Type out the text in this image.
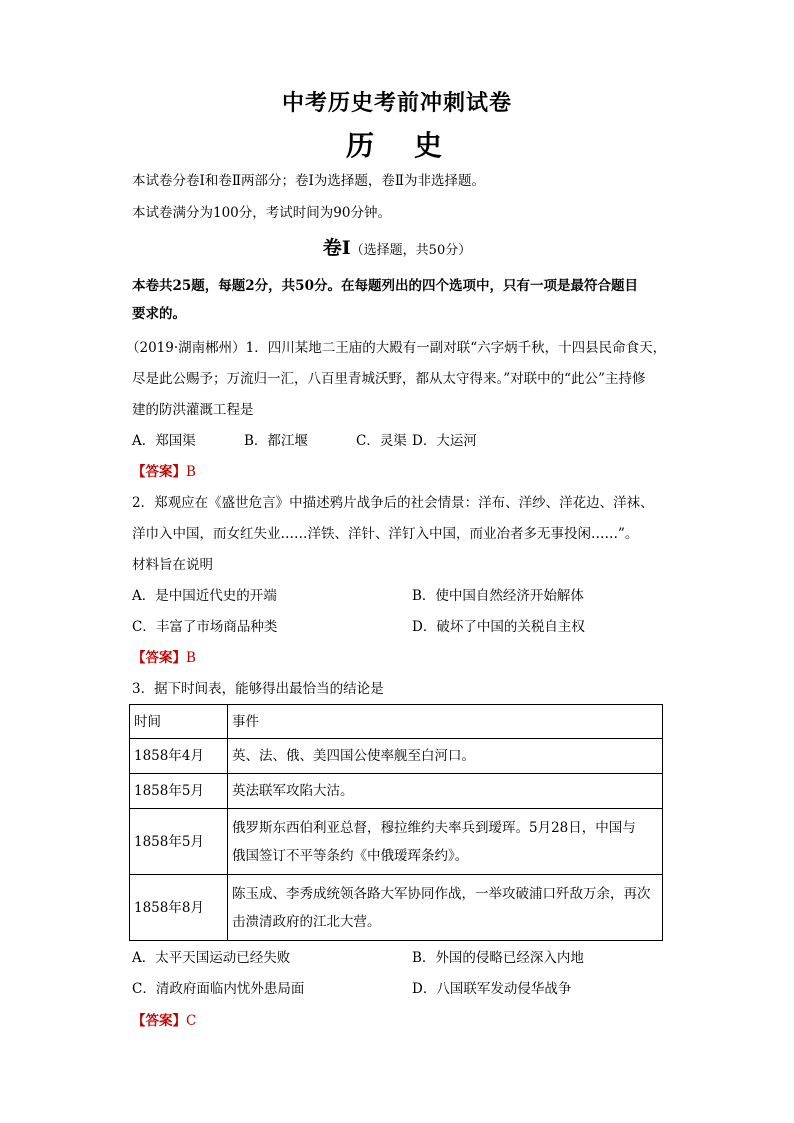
中考历史考前冲刺试卷
历　史
本试卷分卷Ⅰ和卷Ⅱ两部分；卷Ⅰ为选择题，卷Ⅱ为非选择题。
本试卷满分为100分，考试时间为90分钟。
卷Ⅰ（选择题，共50分）
本卷共25题，每题2分，共50分。在每题列出的四个选项中，只有一项是最符合题目
要求的。
（2019·湖南郴州）1．四川某地二王庙的大殿有一副对联“六字炳千秋，十四县民命食天，
尽是此公赐予；万流归一汇，八百里青城沃野，都从太守得来。”对联中的“此公”主持修
建的防洪灌溉工程是
A．郑国渠	B．都江堰	C．灵渠 D．大运河
【答案】B
2．郑观应在《盛世危言》中描述鸦片战争后的社会情景：洋布、洋纱、洋花边、洋袜、
洋巾入中国，而女红失业……洋铁、洋针、洋钉入中国，而业冶者多无事投闲……”。
材料旨在说明
A．是中国近代史的开端	B．使中国自然经济开始解体
C．丰富了市场商品种类	D．破坏了中国的关税自主权
【答案】B
3．据下时间表，能够得出最恰当的结论是
时间	事件
1858年4月	英、法、俄、美四国公使率舰至白河口。
1858年5月	英法联军攻陷大沽。
1858年5月	俄罗斯东西伯利亚总督，穆拉维约夫率兵到瑷珲。5月28日，中国与
俄国签订不平等条约《中俄瑷珲条约》。

1858年8月	陈玉成、李秀成统领各路大军协同作战，一举攻破浦口歼敌万余，再次
击溃清政府的江北大营。
A．太平天国运动已经失败	B．外国的侵略已经深入内地
C．清政府面临内忧外患局面	D．八国联军发动侵华战争
【答案】C
